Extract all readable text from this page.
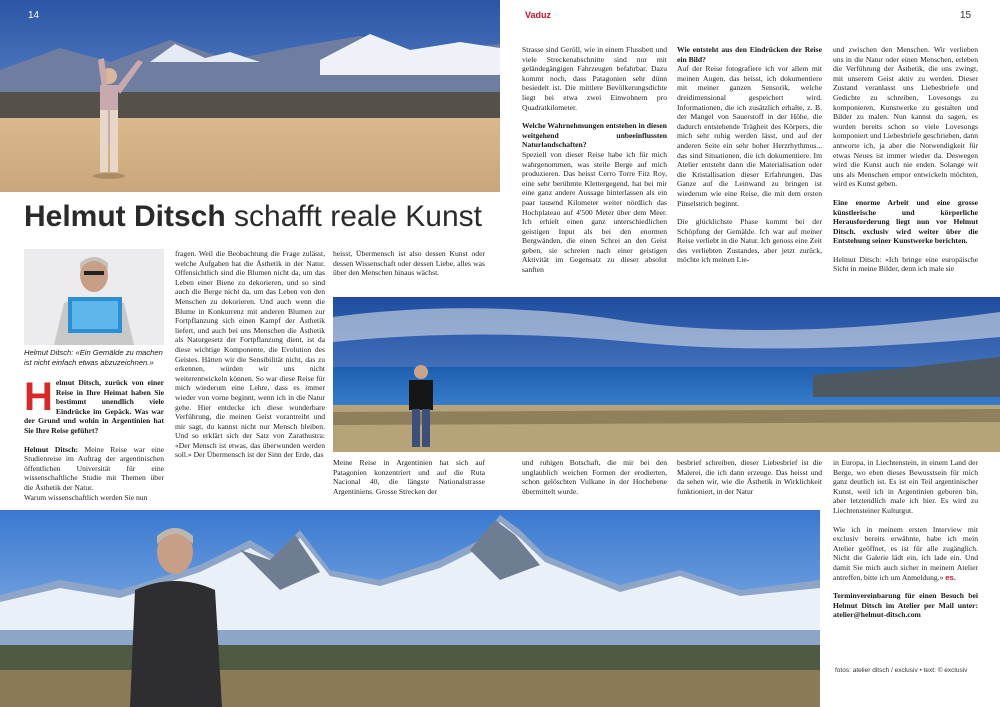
14
Helmut Ditsch schafft reale Kunst
Helmut Ditsch: «Ein Gemälde zu machen ist nicht einfach etwas abzuzeichnen.»

Helmut Ditsch, zurück von einer Reise in Ihre Heimat haben Sie bestimmt unendlich viele Eindrücke im Gepäck. Was war der Grund und wohin in Argentinien hat Sie Ihre Reise geführt?

Helmut Ditsch: Meine Reise war eine Studienreise im Auftrag der argentinischen öffentlichen Universität für eine wissenschaftliche Studie mit Themen über die Ästhetik der Natur.

Warum wissenschaftlich werden Sie nun

fragen. Weil die Beobachtung die Frage zulässt, welche Aufgaben hat die Ästhetik in der Natur. Offensichtlich sind die Blumen nicht da, um das Leben einer Biene zu dekorieren, und so sind auch die Berge nicht da, um das Leben von den Menschen zu dekorieren. Und auch wenn die Blume in Konkurrenz mit anderen Blumen zur Fortpflanzung sich einen Kampf der Ästhetik liefert, und auch bei uns Menschen die Ästhetik als Naturgesetz der Fortpflanzung dient, ist da diese wichtige Komponente, die Evolution des Geistes. Hätten wir die Sensibilität nicht, das zu erkennen, würden wir uns nicht weiterentwickeln können. So war diese Reise für mich wiederum eine Lehre, dass es immer wieder von vorne beginnt, wenn ich in die Natur gehe. Hier entdecke ich diese wunderbare Verführung, die meinen Geist vorantreibt und mir sagt, du kannst nicht nur Mensch bleiben. Und so erklärt sich der Satz von Zarathustra: «Der Mensch ist etwas, das überwunden werden soll.» Der Übermensch ist der Sinn der Erde, das

heisst, Übermensch ist also dessen Kunst oder dessen Wissenschaft oder dessen Liebe, alles was über den Menschen hinaus wächst.

Meine Reise in Argentinien hat sich auf Patagonien konzentriert und auf die Ruta Nacional 40, die längste Nationalstrasse Argentiniens. Grosse Strecken der

Vaduz	15

Strasse sind Geröll, wie in einem Flussbett und viele Streckenabschnitte sind nur mit geländegängigen Fahrzeugen befahrbar. Dazu kommt noch, dass Patagonien sehr dünn besiedelt ist. Die mittlere Bevölkerungsdichte liegt bei etwa zwei Einwohnern pro Quadratkilometer.

Welche Wahrnehmungen entstehen in diesen weitgehend unbeeinflussten Naturlandschaften?

Speziell von dieser Reise habe ich für mich wahrgenommen, was steile Berge auf mich produzieren. Das heisst Cerro Torre Fitz Roy, eine sehr berühmte Klettergegend, hat bei mir eine ganz andere Aussage hinterlassen als ein paar tausend Kilometer weiter nördlich das Hochplateau auf 4'500 Meter über dem Meer. Ich erhielt einen ganz unterschiedlichen geistigen Input als bei den enormen Bergwänden, die einen Schrei an den Geist geben, sie schreien nach einer geistigen Aktivität im Gegensatz zu dieser absolut sanften

Wie entsteht aus den Eindrücken der Reise ein Bild?

Auf der Reise fotografiere ich vor allem mit meinen Augen, das heisst, ich dokumentiere mit meiner ganzen Sensorik, welche dreidimensional gespeichert wird. Informationen, die ich zusätzlich erhalte, z. B. der Mangel von Sauerstoff in der Höhe, die dadurch entstehende Trägheit des Körpers, die mich sehr ruhig werden lässt, und auf der anderen Seite ein sehr hoher Herzrhythmus... das sind Situationen, die ich dokumentiere. Im Atelier entsteht dann die Materialisation oder die Kristallisation dieser Erfahrungen. Das Ganze auf die Leinwand zu bringen ist wiederum wie eine Reise, die mit dem ersten Pinselstrich beginnt.

Die glücklichste Phase kommt bei der Schöpfung der Gemälde. Ich war auf meiner Reise verliebt in die Natur. Ich genoss eine Zeit des verliebten Zustandes, aber jetzt zurück, möchte ich meinen Lie-

und zwischen den Menschen. Wir verlieben uns in die Natur oder einen Menschen, erleben die Verführung der Ästhetik, die uns zwingt, mit unserem Geist aktiv zu werden. Dieser Zustand veranlasst uns Liebesbriefe und Gedichte zu schreiben, Lovesongs zu komponieren, Kunstwerke zu gestalten und Bilder zu malen. Nun kannst du sagen, es wurden bereits schon so viele Lovesongs komponiert und Liebesbriefe geschrieben, dann antworte ich, ja aber die Notwendigkeit für etwas Neues ist immer wieder da. Deswegen wird die Kunst auch nie enden. Solange wir uns als Menschen empor entwickeln möchten, wird es Kunst geben.

Eine enorme Arbeit und eine grosse künstlerische und körperliche Herausforderung liegt nun vor Helmut Ditsch. exclusiv wird weiter über die Entstehung seiner Kunstwerke berichten.

Helmut Ditsch: «Ich bringe eine europäische Sicht in meine Bilder, denn ich male sie

und ruhigen Botschaft, die mir bei den unglaublich weichen Formen der erodierten, schon gelöschten Vulkane in der Hochebene übermittelt wurde.

besbrief schreiben, dieser Liebesbrief ist die Malerei, die ich dann erzeuge. Das heisst und da sehen wir, wie die Ästhetik in Wirklichkeit funktioniert, in der Natur

in Europa, in Liechtenstein, in einem Land der Berge, wo eben dieses Bewusstsein für mich ganz deutlich ist. Es ist ein Teil argentinischer Kunst, weil ich in Argentinien geboren bin, aber letztendlich male ich hier. Es wird zu Liechtensteiner Kulturgut.

Wie ich in meinem ersten Interview mit exclusiv bereits erwähnte, habe ich mein Atelier geöffnet, es ist für alle zugänglich. Nicht die Galerie lädt ein, ich lade ein. Und damit Sie mich auch sicher in meinem Atelier antreffen, bitte ich um Anmeldung.» es.

Terminvereinbarung für einen Besuch bei Helmut Ditsch im Atelier per Mail unter: atelier@helmut-ditsch.com

fotos: atelier ditsch / exclusiv • text: © exclusiv
